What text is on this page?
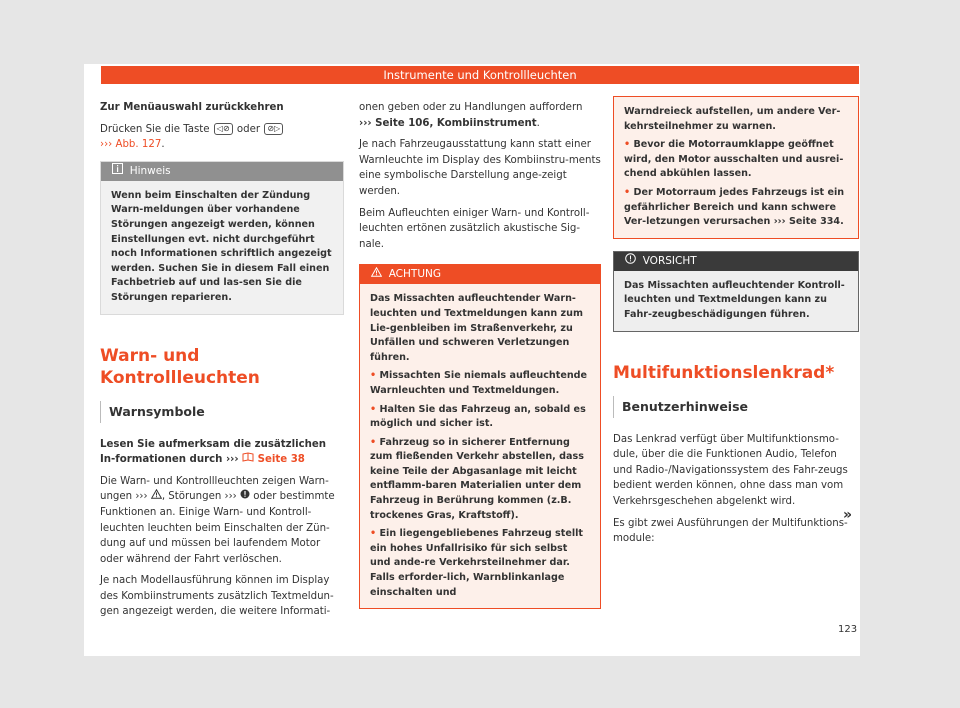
Instrumente und Kontrollleuchten

Zur Menüauswahl zurückkehren

Drücken Sie die Taste ◁⊘ oder ⊘▷
››› Abb. 127.

Hinweis
Wenn beim Einschalten der Zündung Warn-meldungen über vorhandene Störungen angezeigt werden, können Einstellungen evt. nicht durchgeführt noch Informationen schriftlich angezeigt werden. Suchen Sie in diesem Fall einen Fachbetrieb auf und las-sen Sie die Störungen reparieren.
Warn- und Kontrollleuchten
Warnsymbole

Lesen Sie aufmerksam die zusätzlichen In-formationen durch ››› Seite 38

Die Warn- und Kontrollleuchten zeigen Warn-ungen ››› , Störungen ››› oder bestimmte Funktionen an. Einige Warn- und Kontroll-leuchten leuchten beim Einschalten der Zün-dung auf und müssen bei laufendem Motor oder während der Fahrt verlöschen.

Je nach Modellausführung können im Display des Kombiinstruments zusätzlich Textmeldun-gen angezeigt werden, die weitere Informati-

onen geben oder zu Handlungen auffordern
››› Seite 106, Kombiinstrument.

Je nach Fahrzeugausstattung kann statt einer Warnleuchte im Display des Kombiinstru-ments eine symbolische Darstellung ange-zeigt werden.

Beim Aufleuchten einiger Warn- und Kontroll-leuchten ertönen zusätzlich akustische Sig-nale.

ACHTUNG
Das Missachten aufleuchtender Warn-leuchten und Textmeldungen kann zum Lie-genbleiben im Straßenverkehr, zu Unfällen und schweren Verletzungen führen.
• Missachten Sie niemals aufleuchtende Warnleuchten und Textmeldungen.
• Halten Sie das Fahrzeug an, sobald es möglich und sicher ist.
• Fahrzeug so in sicherer Entfernung zum fließenden Verkehr abstellen, dass keine Teile der Abgasanlage mit leicht entflamm-baren Materialien unter dem Fahrzeug in Berührung kommen (z.B. trockenes Gras, Kraftstoff).
• Ein liegengebliebenes Fahrzeug stellt ein hohes Unfallrisiko für sich selbst und ande-re Verkehrsteilnehmer dar. Falls erforder-lich, Warnblinkanlage einschalten und
Warndreieck aufstellen, um andere Ver-kehrsteilnehmer zu warnen.
• Bevor die Motorraumklappe geöffnet wird, den Motor ausschalten und ausrei-chend abkühlen lassen.
• Der Motorraum jedes Fahrzeugs ist ein gefährlicher Bereich und kann schwere Ver-letzungen verursachen ››› Seite 334.
VORSICHT
Das Missachten aufleuchtender Kontroll-leuchten und Textmeldungen kann zu Fahr-zeugbeschädigungen führen.
Multifunktionslenkrad*
Benutzerhinweise

Das Lenkrad verfügt über Multifunktionsmo-dule, über die die Funktionen Audio, Telefon und Radio-/Navigationssystem des Fahr-zeugs bedient werden können, ohne dass man vom Verkehrsgeschehen abgelenkt wird.

Es gibt zwei Ausführungen der Multifunktions-module:

»
123
